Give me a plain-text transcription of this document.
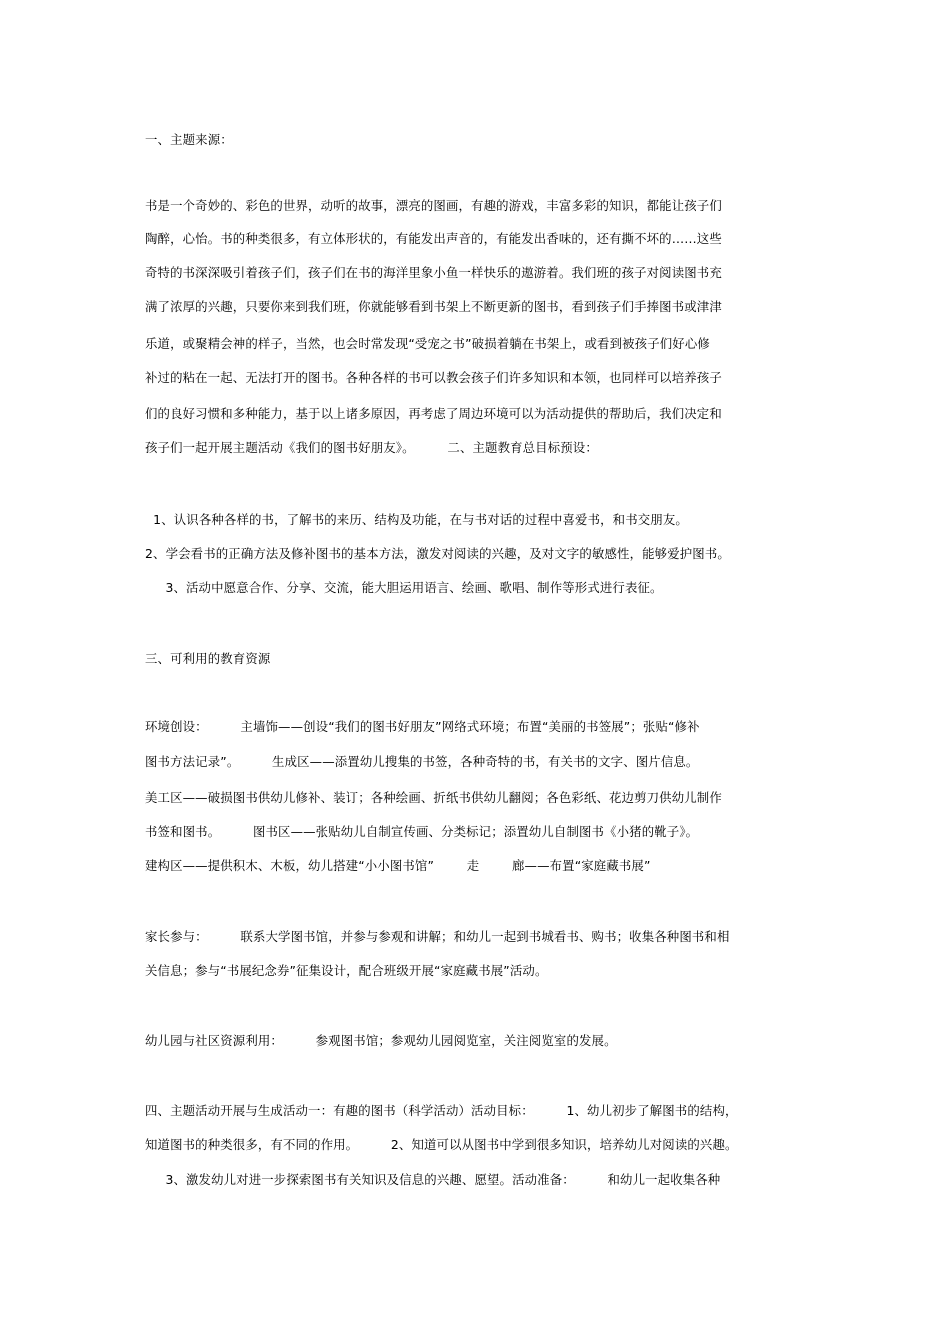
一、主题来源：
书是一个奇妙的、彩色的世界，动听的故事，漂亮的图画，有趣的游戏，丰富多彩的知识，都能让孩子们
陶醉，心怡。书的种类很多，有立体形状的，有能发出声音的，有能发出香味的，还有撕不坏的……这些
奇特的书深深吸引着孩子们，孩子们在书的海洋里象小鱼一样快乐的遨游着。我们班的孩子对阅读图书充
满了浓厚的兴趣，只要你来到我们班，你就能够看到书架上不断更新的图书，看到孩子们手捧图书或津津
乐道，或聚精会神的样子，当然，也会时常发现“受宠之书”破损着躺在书架上，或看到被孩子们好心修
补过的粘在一起、无法打开的图书。各种各样的书可以教会孩子们许多知识和本领，也同样可以培养孩子
们的良好习惯和多种能力，基于以上诸多原因，再考虑了周边环境可以为活动提供的帮助后，我们决定和
孩子们一起开展主题活动《我们的图书好朋友》。        二、主题教育总目标预设：
1、认识各种各样的书，了解书的来历、结构及功能，在与书对话的过程中喜爱书，和书交朋友。
2、学会看书的正确方法及修补图书的基本方法，激发对阅读的兴趣，及对文字的敏感性，能够爱护图书。
3、活动中愿意合作、分享、交流，能大胆运用语言、绘画、歌唱、制作等形式进行表征。
三、可利用的教育资源
环境创设：        主墙饰——创设“我们的图书好朋友”网络式环境；布置“美丽的书签展”；张贴“修补
图书方法记录”。        生成区——添置幼儿搜集的书签，各种奇特的书，有关书的文字、图片信息。
美工区——破损图书供幼儿修补、装订；各种绘画、折纸书供幼儿翻阅；各色彩纸、花边剪刀供幼儿制作
书签和图书。        图书区——张贴幼儿自制宣传画、分类标记；添置幼儿自制图书《小猪的靴子》。
建构区——提供积木、木板，幼儿搭建“小小图书馆”        走        廊——布置“家庭藏书展”
家长参与：        联系大学图书馆，并参与参观和讲解；和幼儿一起到书城看书、购书；收集各种图书和相
关信息；参与“书展纪念券”征集设计，配合班级开展“家庭藏书展”活动。
幼儿园与社区资源利用：        参观图书馆；参观幼儿园阅览室，关注阅览室的发展。
四、主题活动开展与生成活动一：有趣的图书（科学活动）活动目标：        1、幼儿初步了解图书的结构，
知道图书的种类很多，有不同的作用。        2、知道可以从图书中学到很多知识，培养幼儿对阅读的兴趣。
3、激发幼儿对进一步探索图书有关知识及信息的兴趣、愿望。活动准备：        和幼儿一起收集各种
